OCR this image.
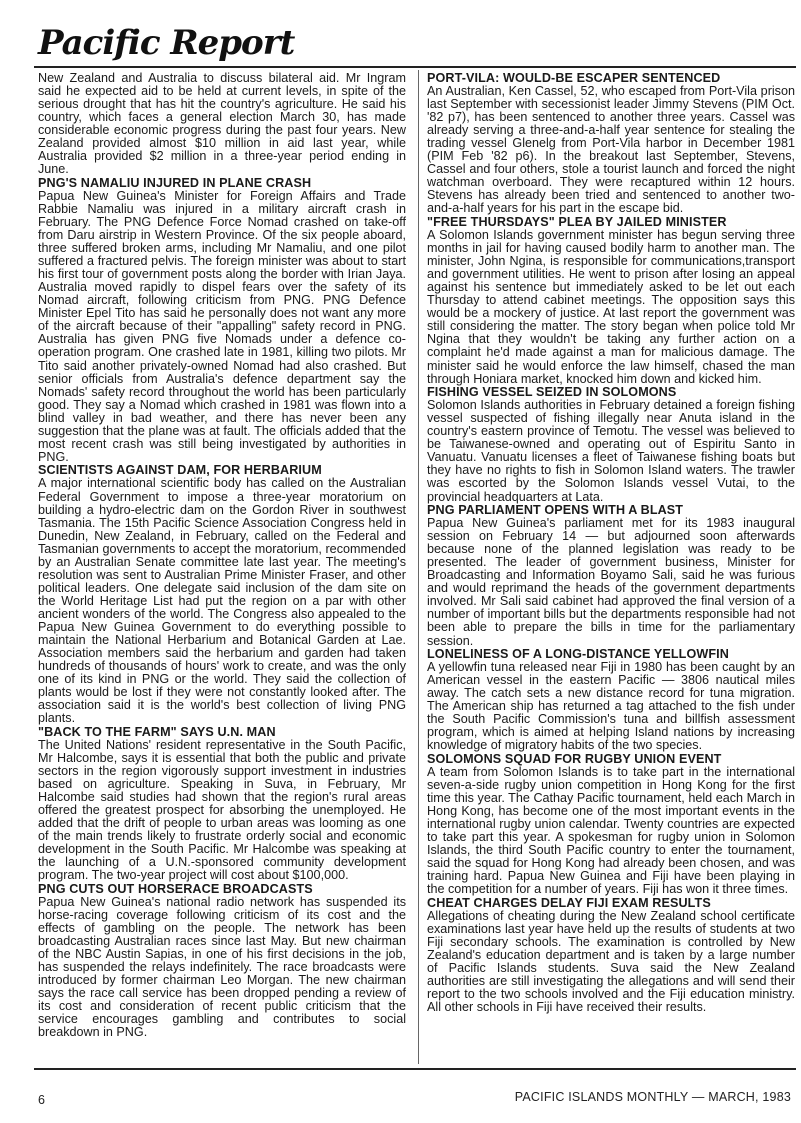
Pacific Report

New Zealand and Australia to discuss bilateral aid. Mr Ingram said he expected aid to be held at current levels, in spite of the serious drought that has hit the country's agriculture. He said his country, which faces a general election March 30, has made considerable economic progress during the past four years. New Zealand provided almost $10 million in aid last year, while Australia provided $2 million in a three-year period ending in June.

PNG'S NAMALIU INJURED IN PLANE CRASH

Papua New Guinea's Minister for Foreign Affairs and Trade Rabbie Namaliu was injured in a military aircraft crash in February. The PNG Defence Force Nomad crashed on take-off from Daru airstrip in Western Province. Of the six people aboard, three suffered broken arms, including Mr Namaliu, and one pilot suffered a fractured pelvis. The foreign minister was about to start his first tour of government posts along the border with Irian Jaya. Australia moved rapidly to dispel fears over the safety of its Nomad aircraft, following criticism from PNG. PNG Defence Minister Epel Tito has said he personally does not want any more of the aircraft because of their "appalling" safety record in PNG. Australia has given PNG five Nomads under a defence co-operation program. One crashed late in 1981, killing two pilots. Mr Tito said another privately-owned Nomad had also crashed. But senior officials from Australia's defence department say the Nomads' safety record throughout the world has been particularly good. They say a Nomad which crashed in 1981 was flown into a blind valley in bad weather, and there has never been any suggestion that the plane was at fault. The officials added that the most recent crash was still being investigated by authorities in PNG.

SCIENTISTS AGAINST DAM, FOR HERBARIUM

A major international scientific body has called on the Australian Federal Government to impose a three-year moratorium on building a hydro-electric dam on the Gordon River in southwest Tasmania. The 15th Pacific Science Association Congress held in Dunedin, New Zealand, in February, called on the Federal and Tasmanian governments to accept the moratorium, recommended by an Australian Senate committee late last year. The meeting's resolution was sent to Australian Prime Minister Fraser, and other political leaders. One delegate said inclusion of the dam site on the World Heritage List had put the region on a par with other ancient wonders of the world. The Congress also appealed to the Papua New Guinea Government to do everything possible to maintain the National Herbarium and Botanical Garden at Lae. Association members said the herbarium and garden had taken hundreds of thousands of hours' work to create, and was the only one of its kind in PNG or the world. They said the collection of plants would be lost if they were not constantly looked after. The association said it is the world's best collection of living PNG plants.

"BACK TO THE FARM" SAYS U.N. MAN

The United Nations' resident representative in the South Pacific, Mr Halcombe, says it is essential that both the public and private sectors in the region vigorously support investment in industries based on agriculture. Speaking in Suva, in February, Mr Halcombe said studies had shown that the region's rural areas offered the greatest prospect for absorbing the unemployed. He added that the drift of people to urban areas was looming as one of the main trends likely to frustrate orderly social and economic development in the South Pacific. Mr Halcombe was speaking at the launching of a U.N.-sponsored community development program. The two-year project will cost about $100,000.

PNG CUTS OUT HORSERACE BROADCASTS

Papua New Guinea's national radio network has suspended its horse-racing coverage following criticism of its cost and the effects of gambling on the people. The network has been broadcasting Australian races since last May. But new chairman of the NBC Austin Sapias, in one of his first decisions in the job, has suspended the relays indefinitely. The race broadcasts were introduced by former chairman Leo Morgan. The new chairman says the race call service has been dropped pending a review of its cost and consideration of recent public criticism that the service encourages gambling and contributes to social breakdown in PNG.

PORT-VILA: WOULD-BE ESCAPER SENTENCED

An Australian, Ken Cassel, 52, who escaped from Port-Vila prison last September with secessionist leader Jimmy Stevens (PIM Oct. '82 p7), has been sentenced to another three years. Cassel was already serving a three-and-a-half year sentence for stealing the trading vessel Glenelg from Port-Vila harbor in December 1981 (PIM Feb '82 p6). In the breakout last September, Stevens, Cassel and four others, stole a tourist launch and forced the night watchman overboard. They were recaptured within 12 hours. Stevens has already been tried and sentenced to another two-and-a-half years for his part in the escape bid.

"FREE THURSDAYS" PLEA BY JAILED MINISTER

A Solomon Islands government minister has begun serving three months in jail for having caused bodily harm to another man. The minister, John Ngina, is responsible for communications,transport and government utilities. He went to prison after losing an appeal against his sentence but immediately asked to be let out each Thursday to attend cabinet meetings. The opposition says this would be a mockery of justice. At last report the government was still considering the matter. The story began when police told Mr Ngina that they wouldn't be taking any further action on a complaint he'd made against a man for malicious damage. The minister said he would enforce the law himself, chased the man through Honiara market, knocked him down and kicked him.

FISHING VESSEL SEIZED IN SOLOMONS

Solomon Islands authorities in February detained a foreign fishing vessel suspected of fishing illegally near Anuta island in the country's eastern province of Temotu. The vessel was believed to be Taiwanese-owned and operating out of Espiritu Santo in Vanuatu. Vanuatu licenses a fleet of Taiwanese fishing boats but they have no rights to fish in Solomon Island waters. The trawler was escorted by the Solomon Islands vessel Vutai, to the provincial headquarters at Lata.

PNG PARLIAMENT OPENS WITH A BLAST

Papua New Guinea's parliament met for its 1983 inaugural session on February 14 — but adjourned soon afterwards because none of the planned legislation was ready to be presented. The leader of government business, Minister for Broadcasting and Information Boyamo Sali, said he was furious and would reprimand the heads of the government departments involved. Mr Sali said cabinet had approved the final version of a number of important bills but the departments responsible had not been able to prepare the bills in time for the parliamentary session.

LONELINESS OF A LONG-DISTANCE YELLOWFIN

A yellowfin tuna released near Fiji in 1980 has been caught by an American vessel in the eastern Pacific — 3806 nautical miles away. The catch sets a new distance record for tuna migration. The American ship has returned a tag attached to the fish under the South Pacific Commission's tuna and billfish assessment program, which is aimed at helping Island nations by increasing knowledge of migratory habits of the two species.

SOLOMONS SQUAD FOR RUGBY UNION EVENT

A team from Solomon Islands is to take part in the international seven-a-side rugby union competition in Hong Kong for the first time this year. The Cathay Pacific tournament, held each March in Hong Kong, has become one of the most important events in the international rugby union calendar. Twenty countries are expected to take part this year. A spokesman for rugby union in Solomon Islands, the third South Pacific country to enter the tournament, said the squad for Hong Kong had already been chosen, and was training hard. Papua New Guinea and Fiji have been playing in the competition for a number of years. Fiji has won it three times.

CHEAT CHARGES DELAY FIJI EXAM RESULTS

Allegations of cheating during the New Zealand school certificate examinations last year have held up the results of students at two Fiji secondary schools. The examination is controlled by New Zealand's education department and is taken by a large number of Pacific Islands students. Suva said the New Zealand authorities are still investigating the allegations and will send their report to the two schools involved and the Fiji education ministry. All other schools in Fiji have received their results.

6	PACIFIC ISLANDS MONTHLY — MARCH, 1983
